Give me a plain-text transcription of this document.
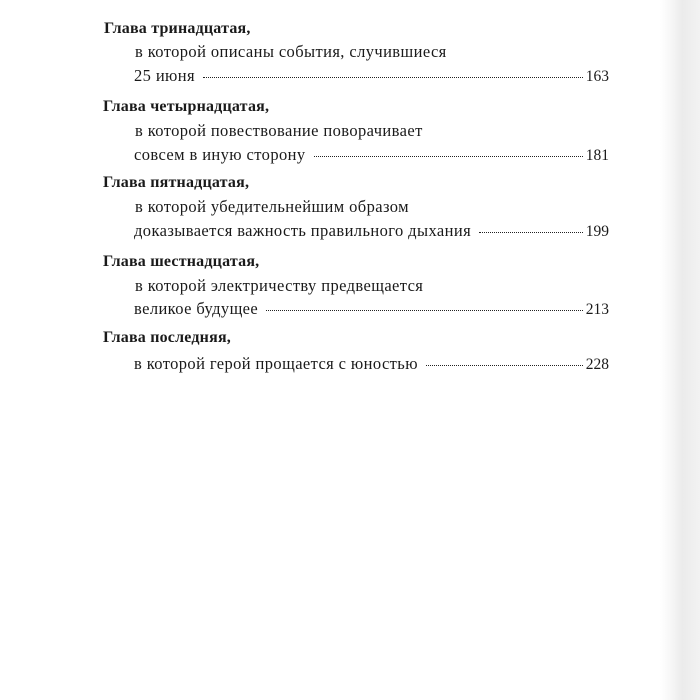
Глава тринадцатая,
в которой описаны события, случившиеся
25 июня	163
Глава четырнадцатая,
в которой повествование поворачивает
совсем в иную сторону	181
Глава пятнадцатая,
в которой убедительнейшим образом
доказывается важность правильного дыхания	199
Глава шестнадцатая,
в которой электричеству предвещается
великое будущее	213
Глава последняя,
в которой герой прощается с юностью	228
